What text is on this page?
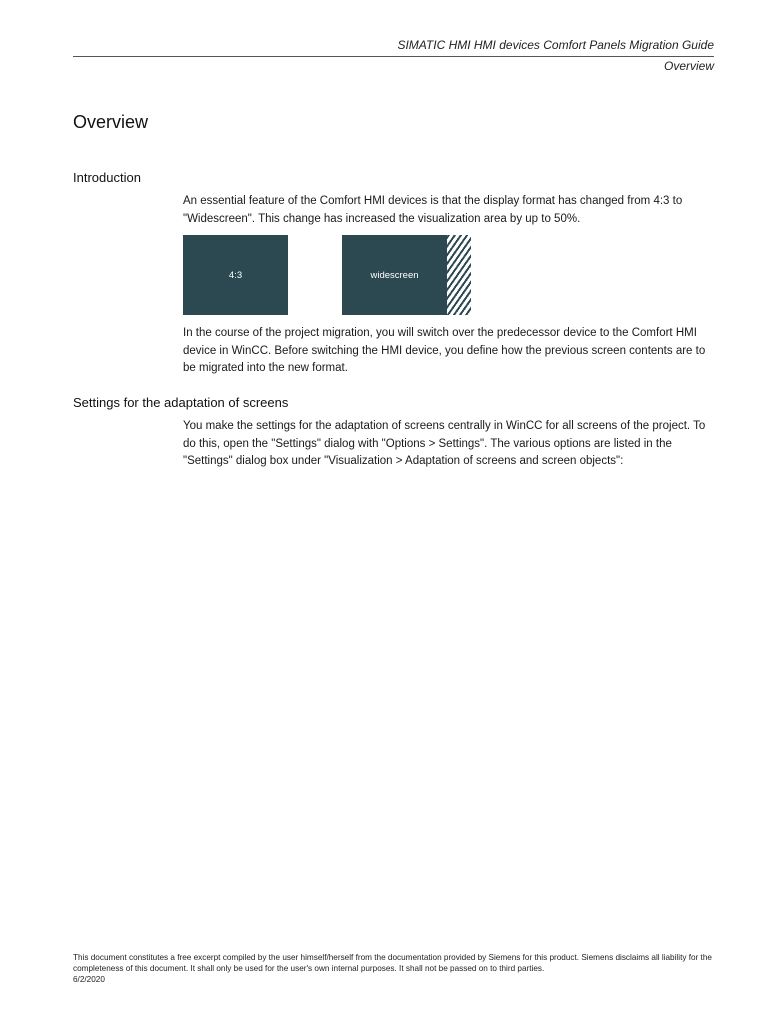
SIMATIC HMI HMI devices Comfort Panels Migration Guide
Overview
Overview
Introduction

An essential feature of the Comfort HMI devices is that the display format has changed from 4:3 to "Widescreen". This change has increased the visualization area by up to 50%.

4:3	widescreen

In the course of the project migration, you will switch over the predecessor device to the Comfort HMI device in WinCC. Before switching the HMI device, you define how the previous screen contents are to be migrated into the new format.

Settings for the adaptation of screens

You make the settings for the adaptation of screens centrally in WinCC for all screens of the project. To do this, open the "Settings" dialog with "Options > Settings". The various options are listed in the "Settings" dialog box under "Visualization > Adaptation of screens and screen objects":

This document constitutes a free excerpt compiled by the user himself/herself from the documentation provided by Siemens for this product. Siemens disclaims all liability for the completeness of this document. It shall only be used for the user's own internal purposes. It shall not be passed on to third parties.
6/2/2020
